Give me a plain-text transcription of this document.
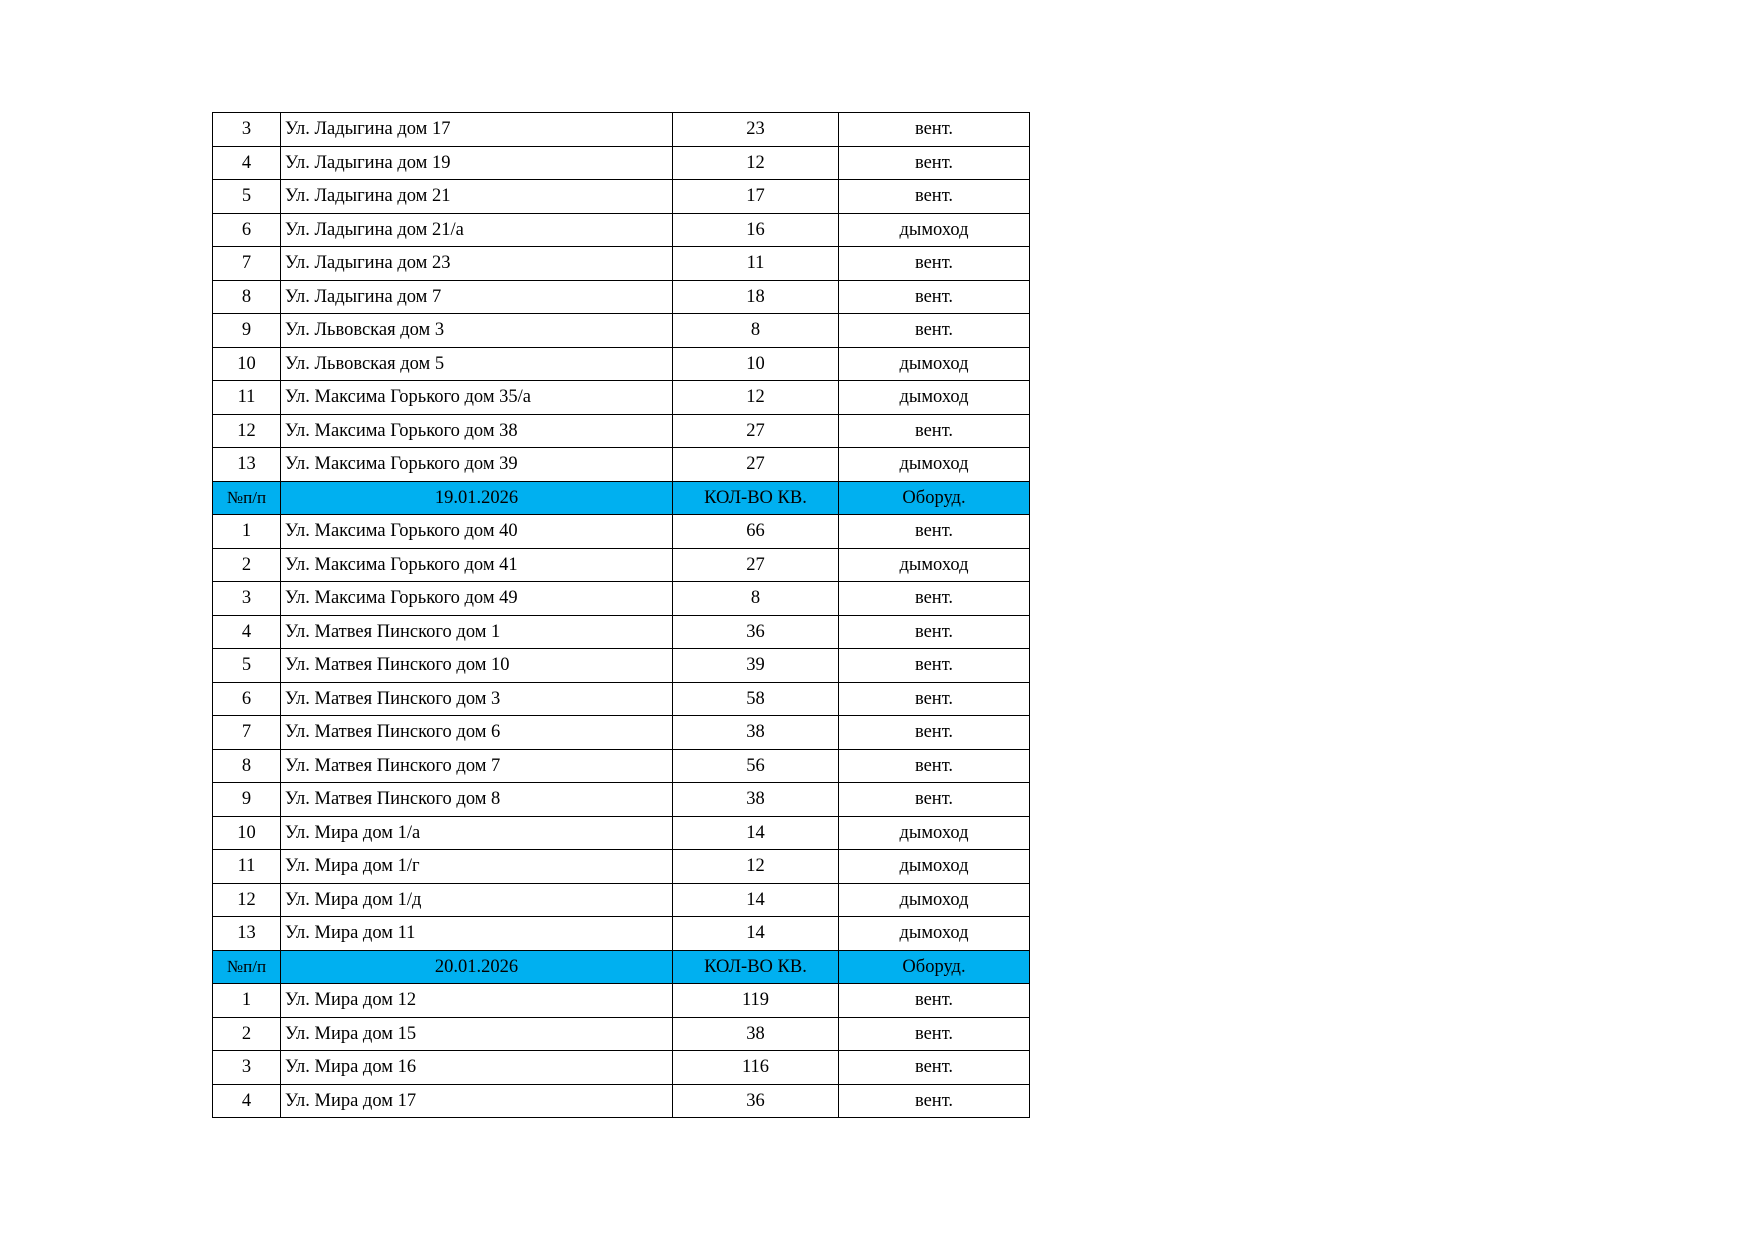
3	Ул. Ладыгина дом 17	23	вент.
4	Ул. Ладыгина дом 19	12	вент.
5	Ул. Ладыгина дом 21	17	вент.
6	Ул. Ладыгина дом 21/а	16	дымоход
7	Ул. Ладыгина дом 23	11	вент.
8	Ул. Ладыгина дом 7	18	вент.
9	Ул. Львовская дом 3	8	вент.
10	Ул. Львовская дом 5	10	дымоход
11	Ул. Максима Горького дом 35/а	12	дымоход
12	Ул. Максима Горького дом 38	27	вент.
13	Ул. Максима Горького дом 39	27	дымоход
№п/п	19.01.2026	КОЛ-ВО КВ.	Оборуд.
1	Ул. Максима Горького дом 40	66	вент.
2	Ул. Максима Горького дом 41	27	дымоход
3	Ул. Максима Горького дом 49	8	вент.
4	Ул. Матвея Пинского дом 1	36	вент.
5	Ул. Матвея Пинского дом 10	39	вент.
6	Ул. Матвея Пинского дом 3	58	вент.
7	Ул. Матвея Пинского дом 6	38	вент.
8	Ул. Матвея Пинского дом 7	56	вент.
9	Ул. Матвея Пинского дом 8	38	вент.
10	Ул. Мира дом 1/а	14	дымоход
11	Ул. Мира дом 1/г	12	дымоход
12	Ул. Мира дом 1/д	14	дымоход
13	Ул. Мира дом 11	14	дымоход
№п/п	20.01.2026	КОЛ-ВО КВ.	Оборуд.
1	Ул. Мира дом 12	119	вент.
2	Ул. Мира дом 15	38	вент.
3	Ул. Мира дом 16	116	вент.
4	Ул. Мира дом 17	36	вент.
